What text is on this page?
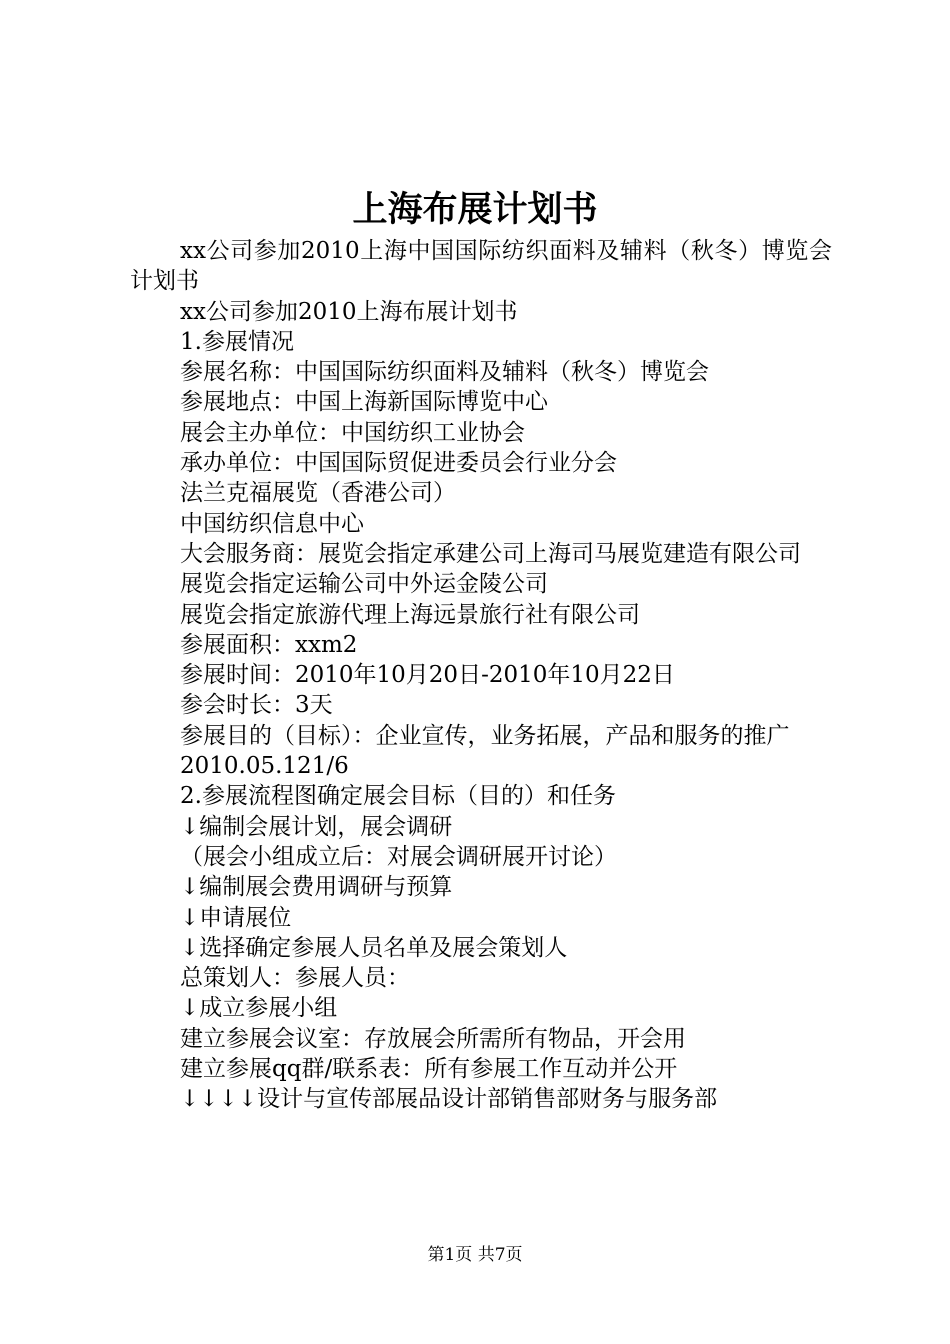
上海布展计划书

xx公司参加2010上海中国国际纺织面料及辅料（秋冬）博览会计划书

xx公司参加2010上海布展计划书

1.参展情况

参展名称：中国国际纺织面料及辅料（秋冬）博览会

参展地点：中国上海新国际博览中心

展会主办单位：中国纺织工业协会

承办单位：中国国际贸促进委员会行业分会

法兰克福展览（香港公司）

中国纺织信息中心

大会服务商：展览会指定承建公司上海司马展览建造有限公司

展览会指定运输公司中外运金陵公司

展览会指定旅游代理上海远景旅行社有限公司

参展面积：xxm2

参展时间：2010年10月20日-2010年10月22日

参会时长：3天

参展目的（目标）：企业宣传，业务拓展，产品和服务的推广

2010.05.121/6

2.参展流程图确定展会目标（目的）和任务

↓编制会展计划，展会调研

（展会小组成立后：对展会调研展开讨论）

↓编制展会费用调研与预算

↓申请展位

↓选择确定参展人员名单及展会策划人

总策划人：参展人员：

↓成立参展小组

建立参展会议室：存放展会所需所有物品，开会用

建立参展qq群/联系表：所有参展工作互动并公开

↓↓↓↓设计与宣传部展品设计部销售部财务与服务部

第1页 共7页
